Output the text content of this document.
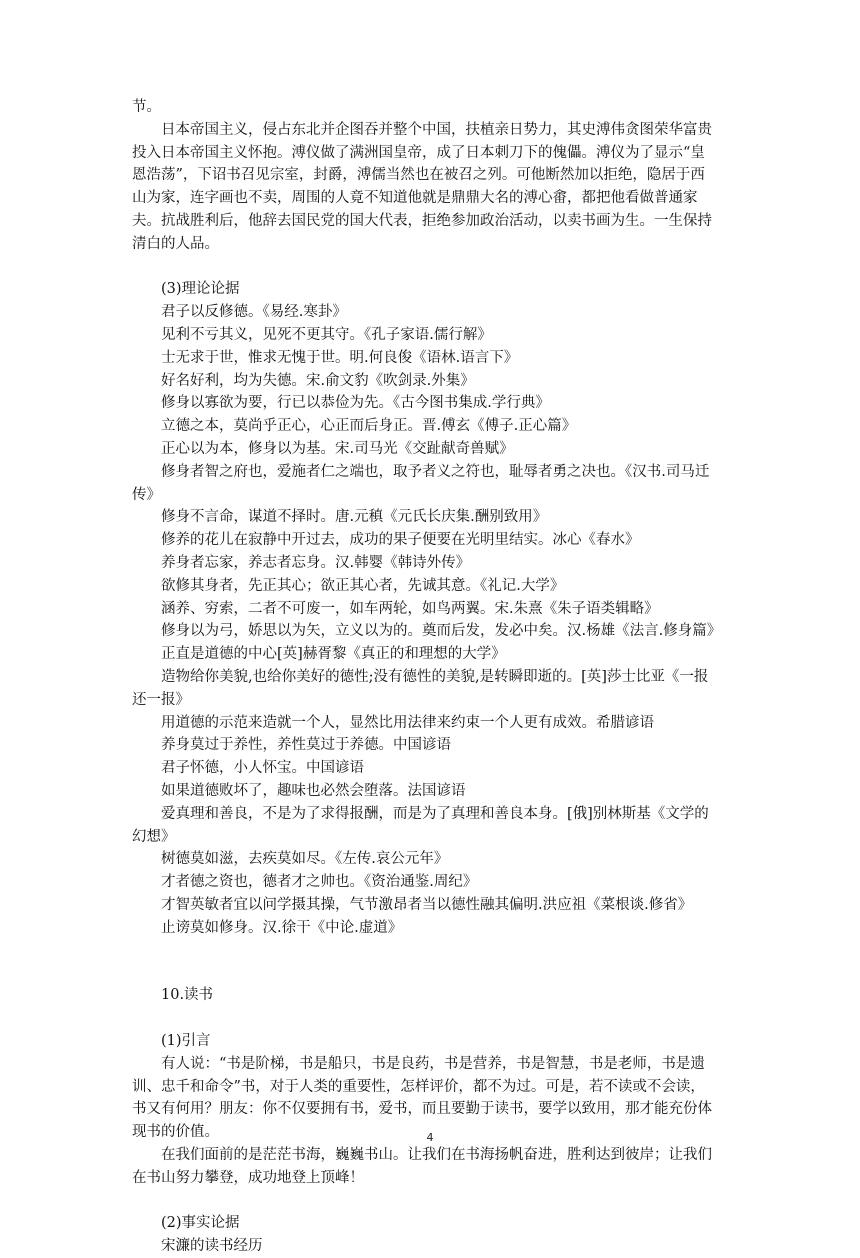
节。

日本帝国主义，侵占东北并企图吞并整个中国，扶植亲日势力，其史溥伟贪图荣华富贵投入日本帝国主义怀抱。溥仪做了满洲国皇帝，成了日本刺刀下的傀儡。溥仪为了显示“皇恩浩荡”，下诏书召见宗室，封爵，溥儒当然也在被召之列。可他断然加以拒绝，隐居于西山为家，连字画也不卖，周围的人竟不知道他就是鼎鼎大名的溥心畬，都把他看做普通家夫。抗战胜利后，他辞去国民党的国大代表，拒绝参加政治活动，以卖书画为生。一生保持清白的人品。

(3)理论论据

君子以反修德。《易经.寒卦》

见利不亏其义，见死不更其守。《孔子家语.儒行解》

士无求于世，惟求无愧于世。明.何良俊《语林.语言下》

好名好利，均为失德。宋.俞文豹《吹剑录.外集》

修身以寡欲为要，行已以恭俭为先。《古今图书集成.学行典》

立德之本，莫尚乎正心，心正而后身正。晋.傅玄《傅子.正心篇》

正心以为本，修身以为基。宋.司马光《交趾献奇兽赋》

修身者智之府也，爱施者仁之端也，取予者义之符也，耻辱者勇之决也。《汉书.司马迁传》

修身不言命，谋道不择时。唐.元稹《元氏长庆集.酬别致用》

修养的花儿在寂静中开过去，成功的果子便要在光明里结实。冰心《春水》

养身者忘家，养志者忘身。汉.韩婴《韩诗外传》

欲修其身者，先正其心；欲正其心者，先诚其意。《礼记.大学》

涵养、穷索，二者不可废一，如车两轮，如鸟两翼。宋.朱熹《朱子语类辑略》

修身以为弓，娇思以为矢，立义以为的。奠而后发，发必中矣。汉.杨雄《法言.修身篇》

正直是道德的中心[英]赫胥黎《真正的和理想的大学》

造物给你美貌,也给你美好的德性;没有德性的美貌,是转瞬即逝的。[英]莎士比亚《一报还一报》

用道德的示范来造就一个人，显然比用法律来约束一个人更有成效。希腊谚语

养身莫过于养性，养性莫过于养德。中国谚语

君子怀德，小人怀宝。中国谚语

如果道德败坏了，趣味也必然会堕落。法国谚语

爱真理和善良，不是为了求得报酬，而是为了真理和善良本身。[俄]别林斯基《文学的幻想》

树德莫如滋，去疾莫如尽。《左传.哀公元年》

才者德之资也，德者才之帅也。《资治通鉴.周纪》

才智英敏者宜以问学摄其操，气节激昂者当以德性融其偏明.洪应祖《菜根谈.修省》

止谤莫如修身。汉.徐干《中论.虚道》

10.读书

(1)引言

有人说：“书是阶梯，书是船只，书是良药，书是营养，书是智慧，书是老师，书是遗训、忠千和命令”书，对于人类的重要性，怎样评价，都不为过。可是，若不读或不会读，书又有何用？朋友：你不仅要拥有书，爱书，而且要勤于读书，要学以致用，那才能充份体现书的价值。

在我们面前的是茫茫书海，巍巍书山。让我们在书海扬帆奋进，胜利达到彼岸；让我们在书山努力攀登，成功地登上顶峰！

(2)事实论据

宋濂的读书经历

4
